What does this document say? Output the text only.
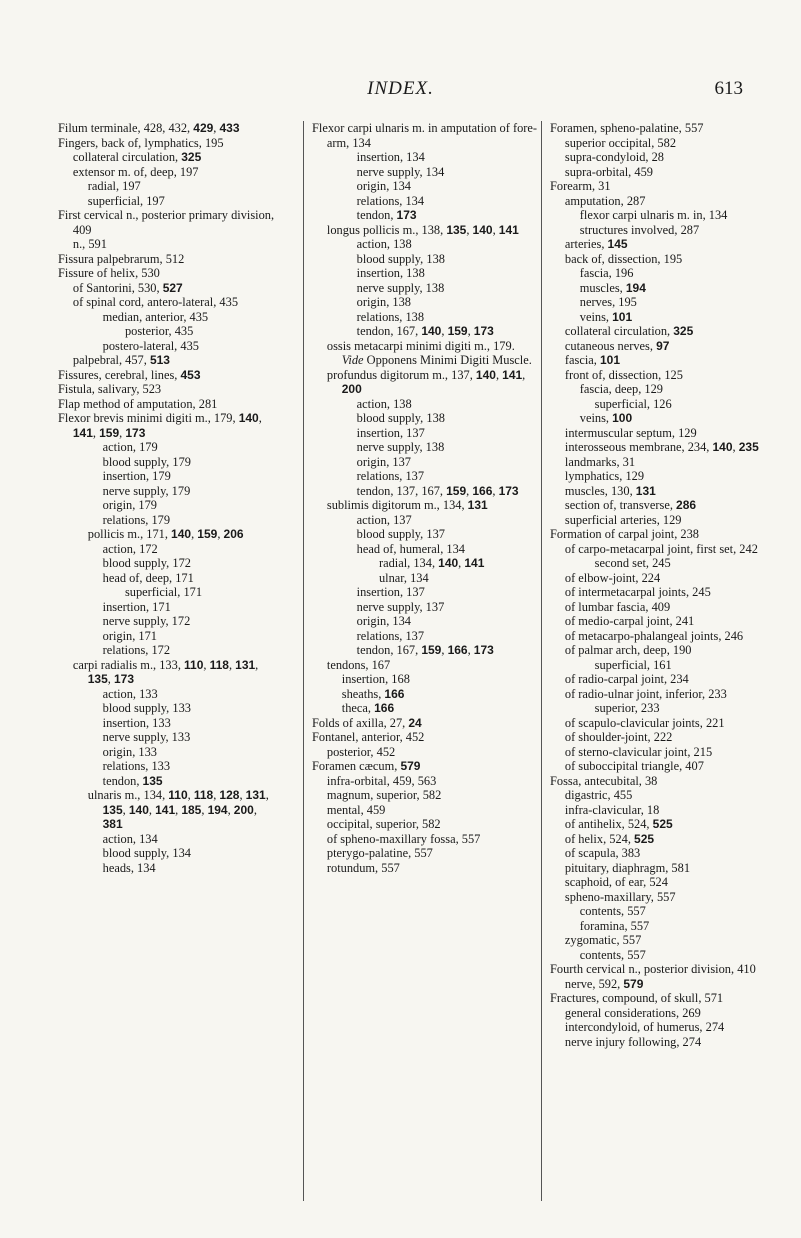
INDEX.	613
Filum terminale, 428, 432, 429, 433
Fingers, back of, lymphatics, 195
collateral circulation, 325
extensor m. of, deep, 197
radial, 197
superficial, 197
First cervical n., posterior primary division, 409
n., 591
Fissura palpebrarum, 512
Fissure of helix, 530
of Santorini, 530, 527
of spinal cord, antero-lateral, 435
median, anterior, 435
posterior, 435
postero-lateral, 435
palpebral, 457, 513
Fissures, cerebral, lines, 453
Fistula, salivary, 523
Flap method of amputation, 281
Flexor brevis minimi digiti m., 179, 140, 141, 159, 173
action, 179
blood supply, 179
insertion, 179
nerve supply, 179
origin, 179
relations, 179
pollicis m., 171, 140, 159, 206
action, 172
blood supply, 172
head of, deep, 171
superficial, 171
insertion, 171
nerve supply, 172
origin, 171
relations, 172
carpi radialis m., 133, 110, 118, 131, 135, 173
action, 133
blood supply, 133
insertion, 133
nerve supply, 133
origin, 133
relations, 133
tendon, 135
ulnaris m., 134, 110, 118, 128, 131, 135, 140, 141, 185, 194, 200, 381
action, 134
blood supply, 134
heads, 134
Flexor carpi ulnaris m. in amputation of fore-arm, 134
insertion, 134
nerve supply, 134
origin, 134
relations, 134
tendon, 173
longus pollicis m., 138, 135, 140, 141
action, 138
blood supply, 138
insertion, 138
nerve supply, 138
origin, 138
relations, 138
tendon, 167, 140, 159, 173
ossis metacarpi minimi digiti m., 179. Vide Opponens Minimi Digiti Muscle.
profundus digitorum m., 137, 140, 141, 200
action, 138
blood supply, 138
insertion, 137
nerve supply, 138
origin, 137
relations, 137
tendon, 137, 167, 159, 166, 173
sublimis digitorum m., 134, 131
action, 137
blood supply, 137
head of, humeral, 134
radial, 134, 140, 141
ulnar, 134
insertion, 137
nerve supply, 137
origin, 134
relations, 137
tendon, 167, 159, 166, 173
tendons, 167
insertion, 168
sheaths, 166
theca, 166
Folds of axilla, 27, 24
Fontanel, anterior, 452
posterior, 452
Foramen cæcum, 579
infra-orbital, 459, 563
magnum, superior, 582
mental, 459
occipital, superior, 582
of spheno-maxillary fossa, 557
pterygo-palatine, 557
rotundum, 557
Foramen, spheno-palatine, 557
superior occipital, 582
supra-condyloid, 28
supra-orbital, 459
Forearm, 31
amputation, 287
flexor carpi ulnaris m. in, 134
structures involved, 287
arteries, 145
back of, dissection, 195
fascia, 196
muscles, 194
nerves, 195
veins, 101
collateral circulation, 325
cutaneous nerves, 97
fascia, 101
front of, dissection, 125
fascia, deep, 129
superficial, 126
veins, 100
intermuscular septum, 129
interosseous membrane, 234, 140, 235
landmarks, 31
lymphatics, 129
muscles, 130, 131
section of, transverse, 286
superficial arteries, 129
Formation of carpal joint, 238
of carpo-metacarpal joint, first set, 242
second set, 245
of elbow-joint, 224
of intermetacarpal joints, 245
of lumbar fascia, 409
of medio-carpal joint, 241
of metacarpo-phalangeal joints, 246
of palmar arch, deep, 190
superficial, 161
of radio-carpal joint, 234
of radio-ulnar joint, inferior, 233
superior, 233
of scapulo-clavicular joints, 221
of shoulder-joint, 222
of sterno-clavicular joint, 215
of suboccipital triangle, 407
Fossa, antecubital, 38
digastric, 455
infra-clavicular, 18
of antihelix, 524, 525
of helix, 524, 525
of scapula, 383
pituitary, diaphragm, 581
scaphoid, of ear, 524
spheno-maxillary, 557
contents, 557
foramina, 557
zygomatic, 557
contents, 557
Fourth cervical n., posterior division, 410
nerve, 592, 579
Fractures, compound, of skull, 571
general considerations, 269
intercondyloid, of humerus, 274
nerve injury following, 274
